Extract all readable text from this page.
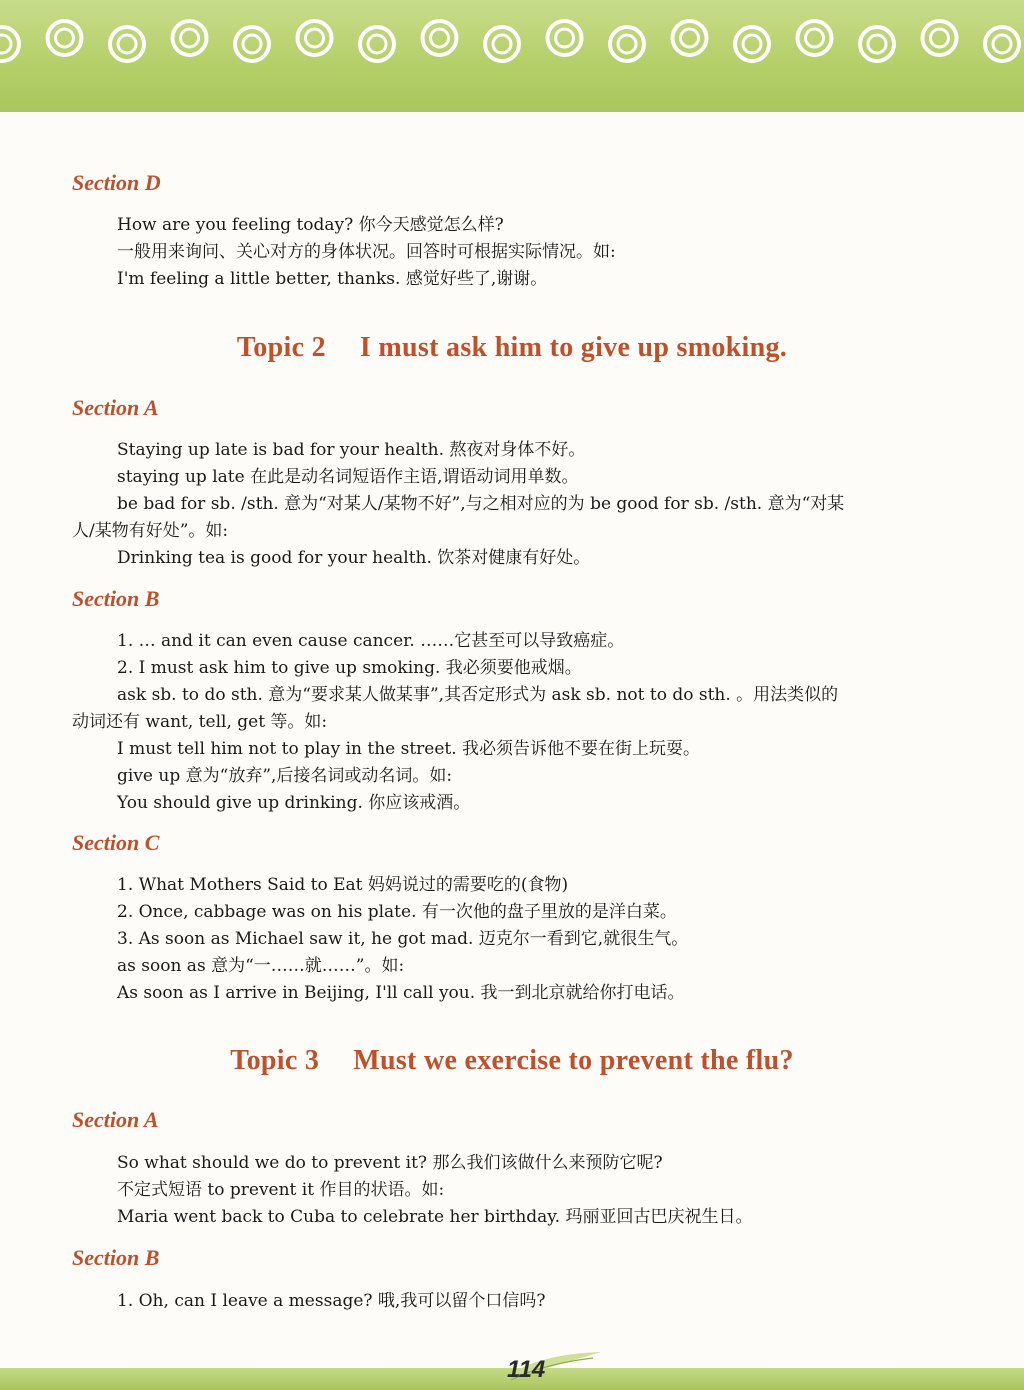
Section D
How are you feeling today? 你今天感觉怎么样?
一般用来询问、关心对方的身体状况。回答时可根据实际情况。如:
I'm feeling a little better, thanks. 感觉好些了,谢谢。
Topic 2 I must ask him to give up smoking.
Section A
Staying up late is bad for your health. 熬夜对身体不好。
staying up late 在此是动名词短语作主语,谓语动词用单数。
be bad for sb. /sth. 意为“对某人/某物不好”,与之相对应的为 be good for sb. /sth. 意为“对某
人/某物有好处”。如:
Drinking tea is good for your health. 饮茶对健康有好处。
Section B
1. … and it can even cause cancer. ……它甚至可以导致癌症。
2. I must ask him to give up smoking. 我必须要他戒烟。
ask sb. to do sth. 意为“要求某人做某事”,其否定形式为 ask sb. not to do sth. 。用法类似的
动词还有 want, tell, get 等。如:
I must tell him not to play in the street. 我必须告诉他不要在街上玩耍。
give up 意为“放弃”,后接名词或动名词。如:
You should give up drinking. 你应该戒酒。
Section C
1. What Mothers Said to Eat 妈妈说过的需要吃的(食物)
2. Once, cabbage was on his plate. 有一次他的盘子里放的是洋白菜。
3. As soon as Michael saw it, he got mad. 迈克尔一看到它,就很生气。
as soon as 意为“一……就……”。如:
As soon as I arrive in Beijing, I'll call you. 我一到北京就给你打电话。
Topic 3 Must we exercise to prevent the flu?
Section A
So what should we do to prevent it? 那么我们该做什么来预防它呢?
不定式短语 to prevent it 作目的状语。如:
Maria went back to Cuba to celebrate her birthday. 玛丽亚回古巴庆祝生日。
Section B
1. Oh, can I leave a message? 哦,我可以留个口信吗?
114
